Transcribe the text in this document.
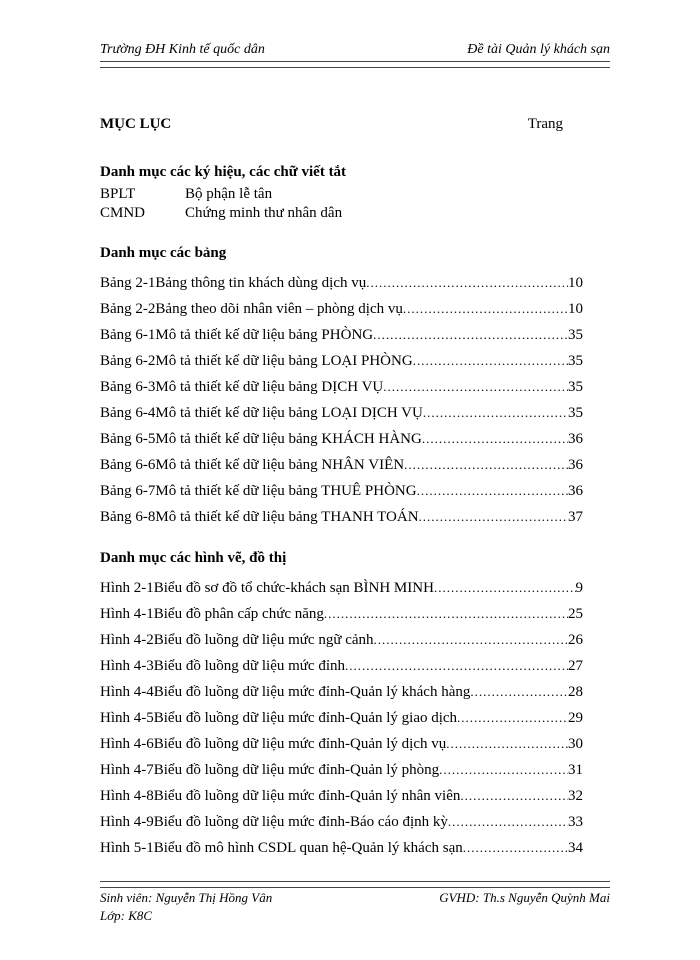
Trường ĐH Kinh tế quốc dân	Đề tài Quản lý khách sạn
MỤC LỤC	Trang
Danh mục các ký hiệu, các chữ viết tắt
BPLT	Bộ phận lễ tân
CMND	Chứng minh thư nhân dân
Danh mục các bảng
Bảng 2-1 Bảng thông tin khách dùng dịch vụ .....	10
Bảng 2-2 Bảng theo dõi nhân viên – phòng dịch vụ .....	10
Bảng 6-1 Mô tả thiết kế dữ liệu bảng PHÒNG .....	35
Bảng 6-2 Mô tả thiết kế dữ liệu bảng LOẠI PHÒNG .....	35
Bảng 6-3 Mô tả thiết kế dữ liệu bảng DỊCH VỤ .....	35
Bảng 6-4 Mô tả thiết kế dữ liệu bảng LOẠI DỊCH VỤ .....	35
Bảng 6-5 Mô tả thiết kế dữ liệu bảng KHÁCH HÀNG .....	36
Bảng 6-6 Mô tả thiết kế dữ liệu bảng NHÂN VIÊN .....	36
Bảng 6-7 Mô tả thiết kế dữ liệu bảng THUÊ PHÒNG .....	36
Bảng 6-8 Mô tả thiết kế dữ liệu bảng THANH TOÁN .....	37
Danh mục các hình vẽ, đồ thị
Hình 2-1 Biểu đồ sơ đồ tổ chức-khách sạn BÌNH MINH .....	9
Hình 4-1 Biểu đồ phân cấp chức năng .....	25
Hình 4-2 Biểu đồ luồng dữ liệu mức ngữ cảnh .....	26
Hình 4-3 Biểu đồ luồng dữ liệu mức đỉnh .....	27
Hình 4-4 Biểu đồ luồng dữ liệu mức đỉnh-Quản lý khách hàng .....	28
Hình 4-5 Biểu đồ luồng dữ liệu mức đỉnh-Quản lý giao dịch .....	29
Hình 4-6 Biểu đồ luồng dữ liệu mức đỉnh-Quản lý dịch vụ .....	30
Hình 4-7 Biểu đồ luồng dữ liệu mức đỉnh-Quản lý phòng .....	31
Hình 4-8 Biểu đồ luồng dữ liệu mức đỉnh-Quản lý nhân viên .....	32
Hình 4-9 Biểu đồ luồng dữ liệu mức đỉnh-Báo cáo định kỳ .....	33
Hình 5-1 Biểu đồ mô hình CSDL quan hệ-Quản lý khách sạn .....	34
Sinh viên: Nguyễn Thị Hồng Vân	GVHD: Th.s Nguyễn Quỳnh Mai
Lớp: K8C
